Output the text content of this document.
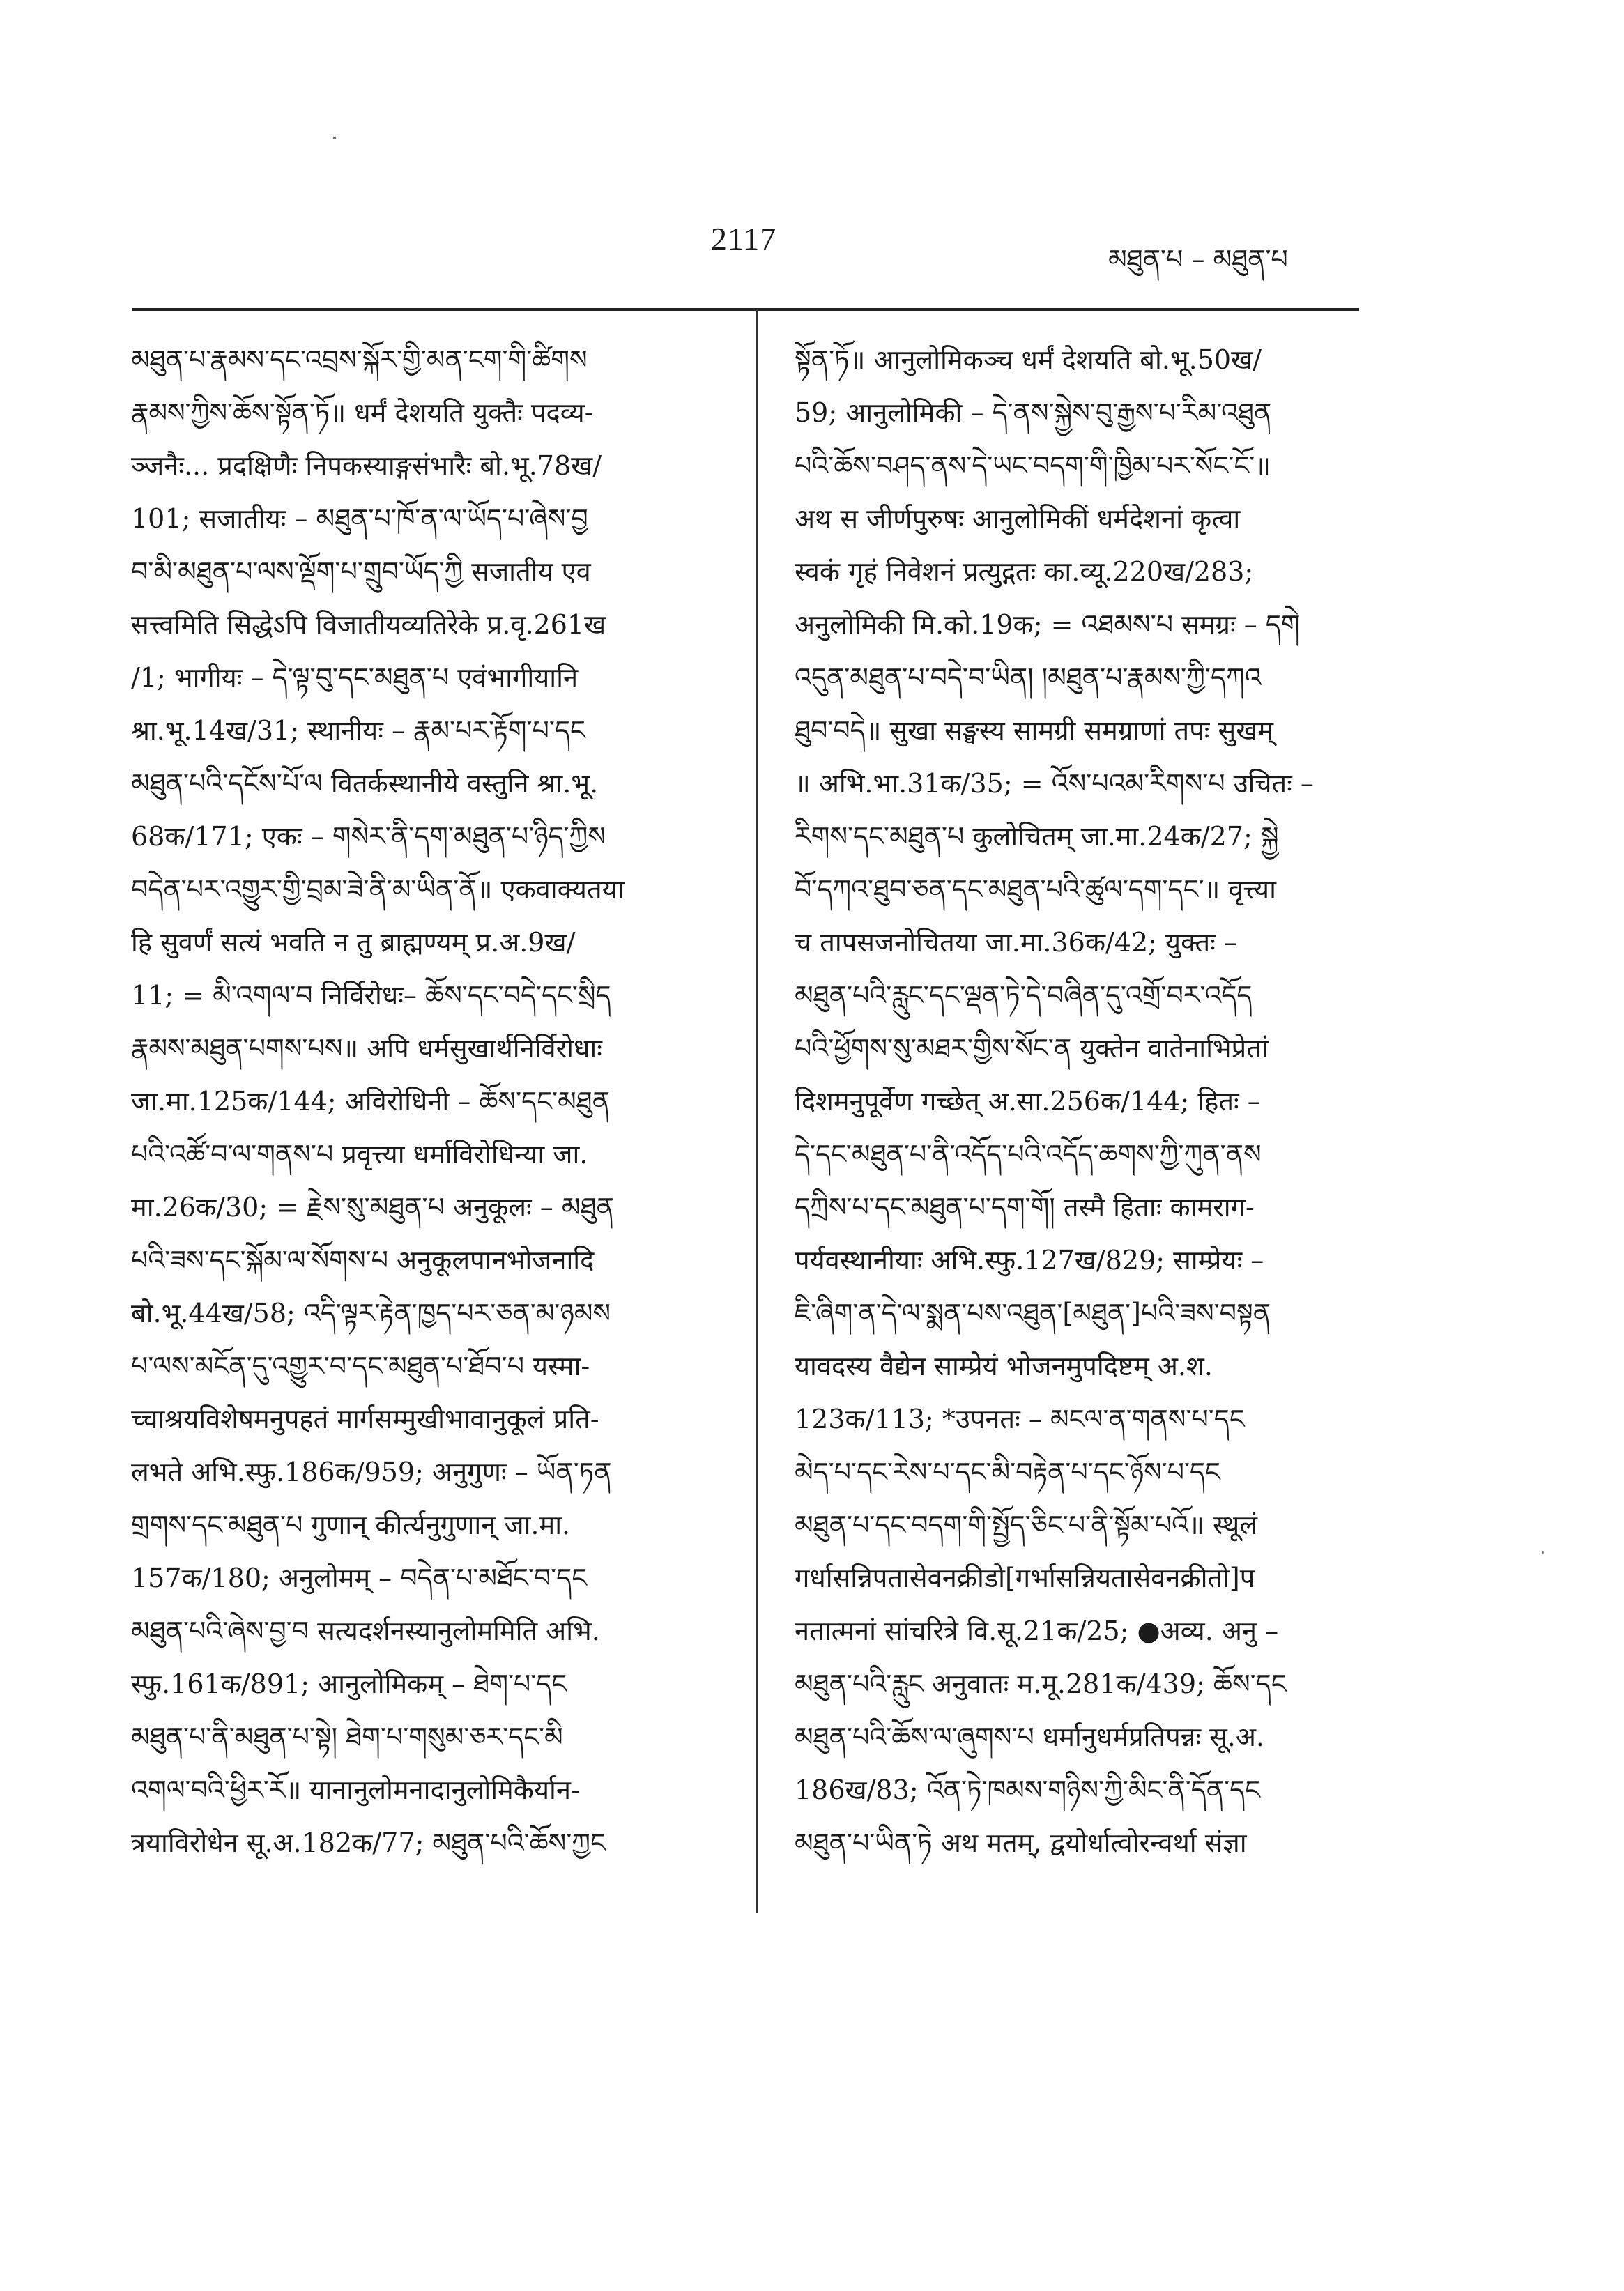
2117
མཐུན་པ – མཐུན་པ
མཐུན་པ་རྣམས་དང་འབྲས་སྐོར་གྱི་མན་ངག་གི་ཚིགས
རྣམས་ཀྱིས་ཆོས་སྟོན་ཏོ॥ धर्मं देशयति युक्तैः पदव्य-
ञ्जनैः... प्रदक्षिणैः निपकस्याङ्गसंभारैः बो.भू.78ख/
101; सजातीयः – མཐུན་པ་ཁོ་ན་ལ་ཡོད་པ་ཞེས་བྱ
བ་མི་མཐུན་པ་ལས་ལྡོག་པ་གྲུབ་ཡོད་ཀྱི सजातीय एव
सत्त्वमिति सिद्धेऽपि विजातीयव्यतिरेके प्र.वृ.261ख
/1; भागीयः – དེ་ལྟ་བུ་དང་མཐུན་པ एवंभागीयानि
श्रा.भू.14ख/31; स्थानीयः – རྣམ་པར་རྟོག་པ་དང
མཐུན་པའི་དངོས་པོ་ལ वितर्कस्थानीये वस्तुनि श्रा.भू.
68क/171; एकः – གསེར་ནི་དག་མཐུན་པ་ཉིད་ཀྱིས
བདེན་པར་འགྱུར་གྱི་བྲམ་ཟེ་ནི་མ་ཡིན་ནོ॥ एकवाक्यतया
हि सुवर्णं सत्यं भवति न तु ब्राह्मण्यम् प्र.अ.9ख/
11; = མི་འགལ་བ निर्विरोधः– ཆོས་དང་བདེ་དང་སྲིད
རྣམས་མཐུན་པགས་པས॥ अपि धर्मसुखार्थनिर्विरोधाः
जा.मा.125क/144; अविरोधिनी – ཆོས་དང་མཐུན
པའི་འཚོ་བ་ལ་གནས་པ प्रवृत्त्या धर्माविरोधिन्या जा.
मा.26क/30; = རྗེས་སུ་མཐུན་པ अनुकूलः – མཐུན
པའི་ཟས་དང་སྐོམ་ལ་སོགས་པ अनुकूलपानभोजनादि
बो.भू.44ख/58; འདི་ལྟར་རྟེན་ཁྱད་པར་ཅན་མ་ཉམས
པ་ལས་མངོན་དུ་འགྱུར་བ་དང་མཐུན་པ་ཐོབ་པ यस्मा-
च्चाश्रयविशेषमनुपहतं मार्गसम्मुखीभावानुकूलं प्रति-
लभते अभि.स्फु.186क/959; अनुगुणः – ཡོན་ཏན
གྲགས་དང་མཐུན་པ गुणान् कीर्त्यनुगुणान् जा.मा.
157क/180; अनुलोमम् – བདེན་པ་མཐོང་བ་དང
མཐུན་པའི་ཞེས་བྱ་བ सत्यदर्शनस्यानुलोममिति अभि.
स्फु.161क/891; आनुलोमिकम् – ཐེག་པ་དང
མཐུན་པ་ནི་མཐུན་པ་སྟེ། ཐེག་པ་གསུམ་ཅར་དང་མི
འགལ་བའི་ཕྱིར་རོ॥ यानानुलोमनादानुलोमिकैर्यान-
त्रयाविरोधेन सू.अ.182क/77; མཐུན་པའི་ཆོས་ཀྱང
སྟོན་ཏོ॥ आनुलोमिकञ्च धर्मं देशयति बो.भू.50ख/
59; आनुलोमिकी – དེ་ནས་སྐྱེས་བུ་རྒྱས་པ་རིམ་འཐུན
པའི་ཆོས་བཤད་ནས་དེ་ཡང་བདག་གི་ཁྱིམ་པར་སོང་ངོ་॥
अथ स जीर्णपुरुषः आनुलोमिकीं धर्मदेशनां कृत्वा
स्वकं गृहं निवेशनं प्रत्युद्गतः का.व्यू.220ख/283;
अनुलोमिकी मि.को.19क; = འཐམས་པ समग्रः – དགེ
འདུན་མཐུན་པ་བདེ་བ་ཡིན། །མཐུན་པ་རྣམས་ཀྱི་དཀའ
ཐུབ་བདེ॥ सुखा सङ्घस्य सामग्री समग्राणां तपः सुखम्
॥ अभि.भा.31क/35; = འོས་པའམ་རིགས་པ उचितः –
རིགས་དང་མཐུན་པ कुलोचितम् जा.मा.24क/27; སྐྱེ
བོ་དཀའ་ཐུབ་ཅན་དང་མཐུན་པའི་ཚུལ་དག་དང་॥ वृत्त्या
च तापसजनोचितया जा.मा.36क/42; युक्तः –
མཐུན་པའི་རླུང་དང་ལྡན་ཏེ་དེ་བཞིན་དུ་འགྲོ་བར་འདོད
པའི་ཕྱོགས་སུ་མཐར་གྱིས་སོང་ན युक्तेन वातेनाभिप्रेतां
दिशमनुपूर्वेण गच्छेत् अ.सा.256क/144; हितः –
དེ་དང་མཐུན་པ་ནི་འདོད་པའི་འདོད་ཆགས་ཀྱི་ཀུན་ནས
དཀྲིས་པ་དང་མཐུན་པ་དག་གོ། तस्मै हिताः कामराग-
पर्यवस्थानीयाः अभि.स्फु.127ख/829; साम्प्रेयः –
ཇི་ཞིག་ན་དེ་ལ་སྨན་པས་འཐུན་[མཐུན་]པའི་ཟས་བསྟན
यावदस्य वैद्येन साम्प्रेयं भोजनमुपदिष्टम् अ.श.
123क/113; *उपनतः – མངལ་ན་གནས་པ་དང
མེད་པ་དང་རེས་པ་དང་མི་བརྟེན་པ་དང་ཉོས་པ་དང
མཐུན་པ་དང་བདག་གི་སྤྱོད་ཅིང་པ་ནི་སྟོམ་པའོ॥ स्थूलं
गर्धासन्निपतासेवनक्रीडो[गर्भासन्नियतासेवनक्रीतो]प
नतात्मनां सांचरित्रे वि.सू.21क/25; ●अव्य. अनु –
མཐུན་པའི་རླུང अनुवातः म.मू.281क/439; ཆོས་དང
མཐུན་པའི་ཆོས་ལ་ཞུགས་པ धर्मानुधर्मप्रतिपन्नः सू.अ.
186ख/83; འོན་ཏེ་ཁམས་གཉིས་ཀྱི་མིང་ནི་དོན་དང
མཐུན་པ་ཡིན་ཏེ अथ मतम्, द्वयोर्धात्वोरन्वर्था संज्ञा
